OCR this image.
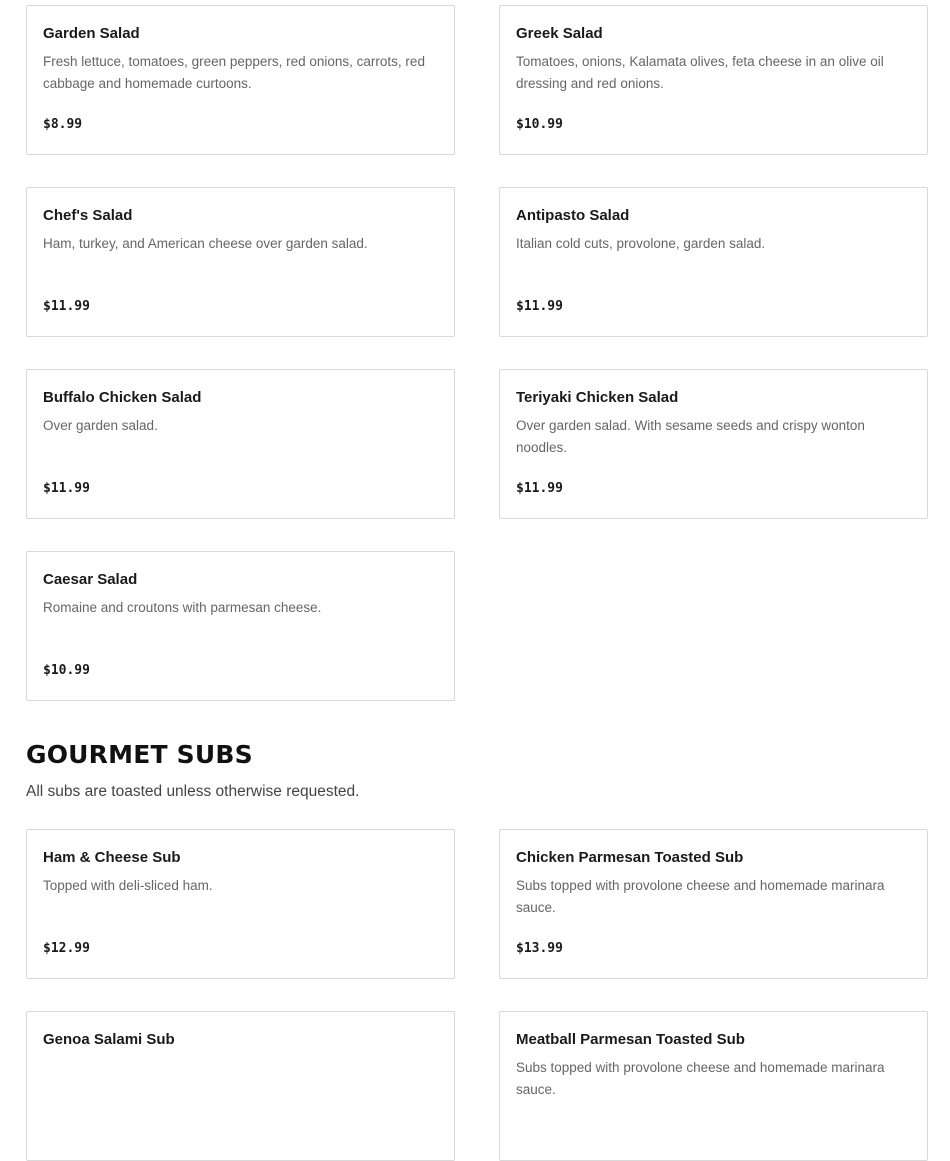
Garden Salad
Fresh lettuce, tomatoes, green peppers, red onions, carrots, red cabbage and homemade curtoons.
$8.99
Greek Salad
Tomatoes, onions, Kalamata olives, feta cheese in an olive oil dressing and red onions.
$10.99
Chef's Salad
Ham, turkey, and American cheese over garden salad.
$11.99
Antipasto Salad
Italian cold cuts, provolone, garden salad.
$11.99
Buffalo Chicken Salad
Over garden salad.
$11.99
Teriyaki Chicken Salad
Over garden salad. With sesame seeds and crispy wonton noodles.
$11.99
Caesar Salad
Romaine and croutons with parmesan cheese.
$10.99
GOURMET SUBS
All subs are toasted unless otherwise requested.
Ham & Cheese Sub
Topped with deli-sliced ham.
$12.99
Chicken Parmesan Toasted Sub
Subs topped with provolone cheese and homemade marinara sauce.
$13.99
Genoa Salami Sub	Meatball Parmesan Toasted Sub
Subs topped with provolone cheese and homemade marinara sauce.
